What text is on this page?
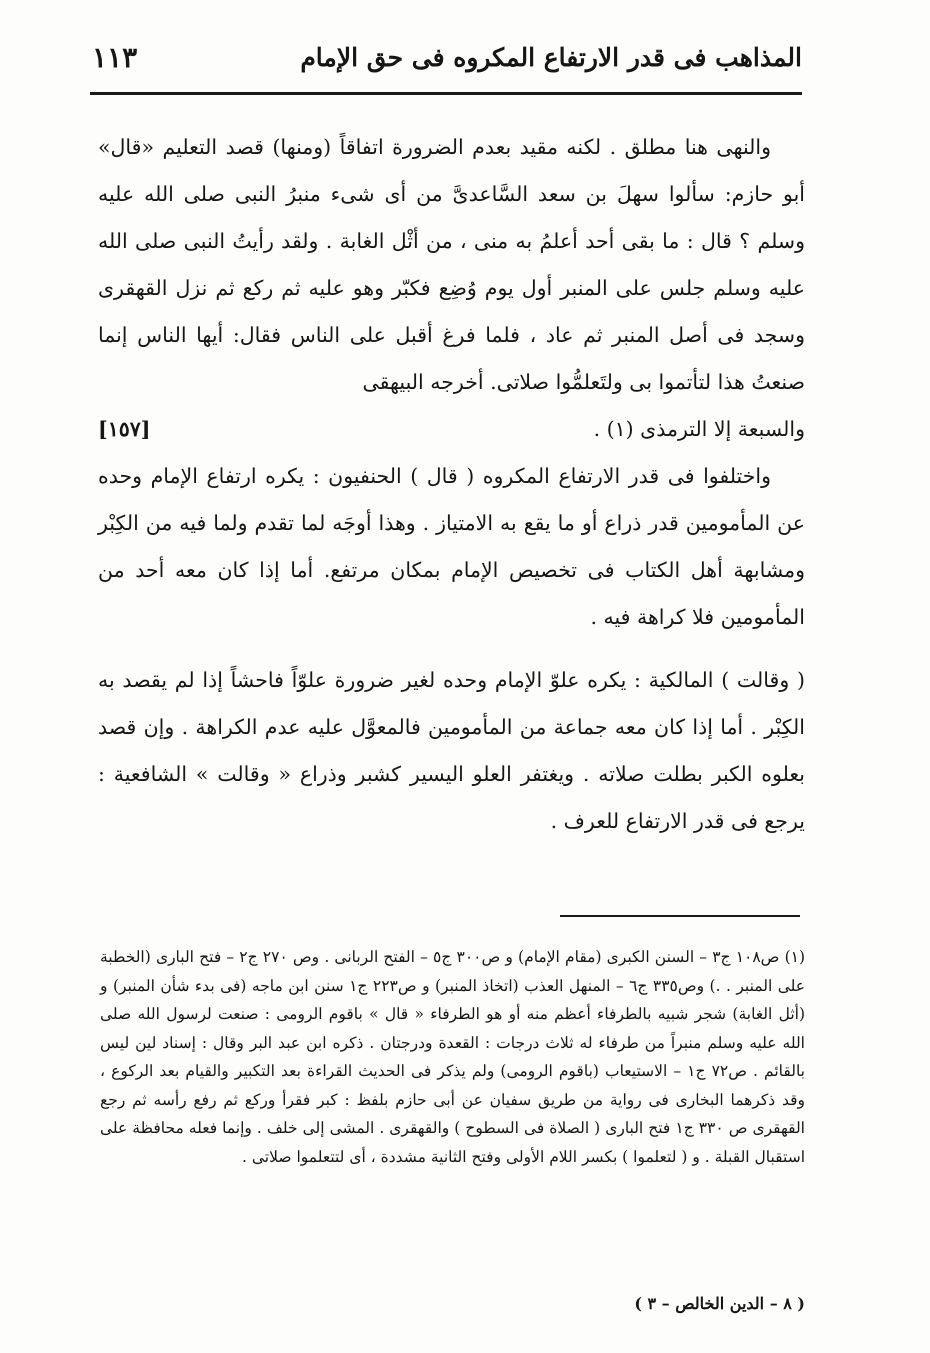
١١٣	المذاهب فى قدر الارتفاع المكروه فى حق الإمام

والنهى هنا مطلق . لكنه مقيد بعدم الضرورة اتفاقاً (ومنها) قصد التعليم «قال» أبو حازم: سألوا سهلَ بن سعد السَّاعدىَّ من أى شىء منبرُ النبى صلى الله عليه وسلم ؟ قال : ما بقى أحد أعلمُ به منى ، من أثْل الغابة . ولقد رأيتُ النبى صلى الله عليه وسلم جلس على المنبر أول يوم وُضِع فكبّر وهو عليه ثم ركع ثم نزل القهقرى وسجد فى أصل المنبر ثم عاد ، فلما فرغ أقبل على الناس فقال: أيها الناس إنما صنعتُ هذا لتأتموا بى ولتَعلمُّوا صلاتى. أخرجه البيهقى

والسبعة إلا الترمذى (١) .
[١٥٧]

واختلفوا فى قدر الارتفاع المكروه ( قال ) الحنفيون : يكره ارتفاع الإمام وحده عن المأمومين قدر ذراع أو ما يقع به الامتياز . وهذا أوجَه لما تقدم ولما فيه من الكِبْر ومشابهة أهل الكتاب فى تخصيص الإمام بمكان مرتفع. أما إذا كان معه أحد من المأمومين فلا كراهة فيه .

( وقالت ) المالكية : يكره علوّ الإمام وحده لغير ضرورة علوّاً فاحشاً إذا لم يقصد به الكِبْر . أما إذا كان معه جماعة من المأمومين فالمعوَّل عليه عدم الكراهة . وإن قصد بعلوه الكبر بطلت صلاته . ويغتفر العلو اليسير كشبر وذراع « وقالت » الشافعية : يرجع فى قدر الارتفاع للعرف .

(١) ص١٠٨ ج٣ – السنن الكبرى (مقام الإمام) و ص٣٠٠ ج٥ – الفتح الربانى . وص ٢٧٠ ج٢ – فتح البارى (الخطبة على المنبر . .) وص٣٣٥ ج٦ – المنهل العذب (اتخاذ المنبر) و ص٢٢٣ ج١ سنن ابن ماجه (فى بدء شأن المنبر) و (أثل الغابة) شجر شبيه بالطرفاء أعظم منه أو هو الطرفاء « قال » باقوم الرومى : صنعت لرسول الله صلى الله عليه وسلم منبراً من طرفاء له ثلاث درجات : القعدة ودرجتان . ذكره ابن عبد البر وقال : إسناد لين ليس بالقائم . ص٧٢ ج١ – الاستيعاب (باقوم الرومى) ولم يذكر فى الحديث القراءة بعد التكبير والقيام بعد الركوع ، وقد ذكرهما البخارى فى رواية من طريق سفيان عن أبى حازم بلفظ : كبر فقرأ وركع ثم رفع رأسه ثم رجع القهقرى ص ٣٣٠ ج١ فتح البارى ( الصلاة فى السطوح ) والقهقرى . المشى إلى خلف . وإنما فعله محافظة على استقبال القبلة . و ( لتعلموا ) بكسر اللام الأولى وفتح الثانية مشددة ، أى لتتعلموا صلاتى .

( ٨ – الدين الخالص – ٣ )
